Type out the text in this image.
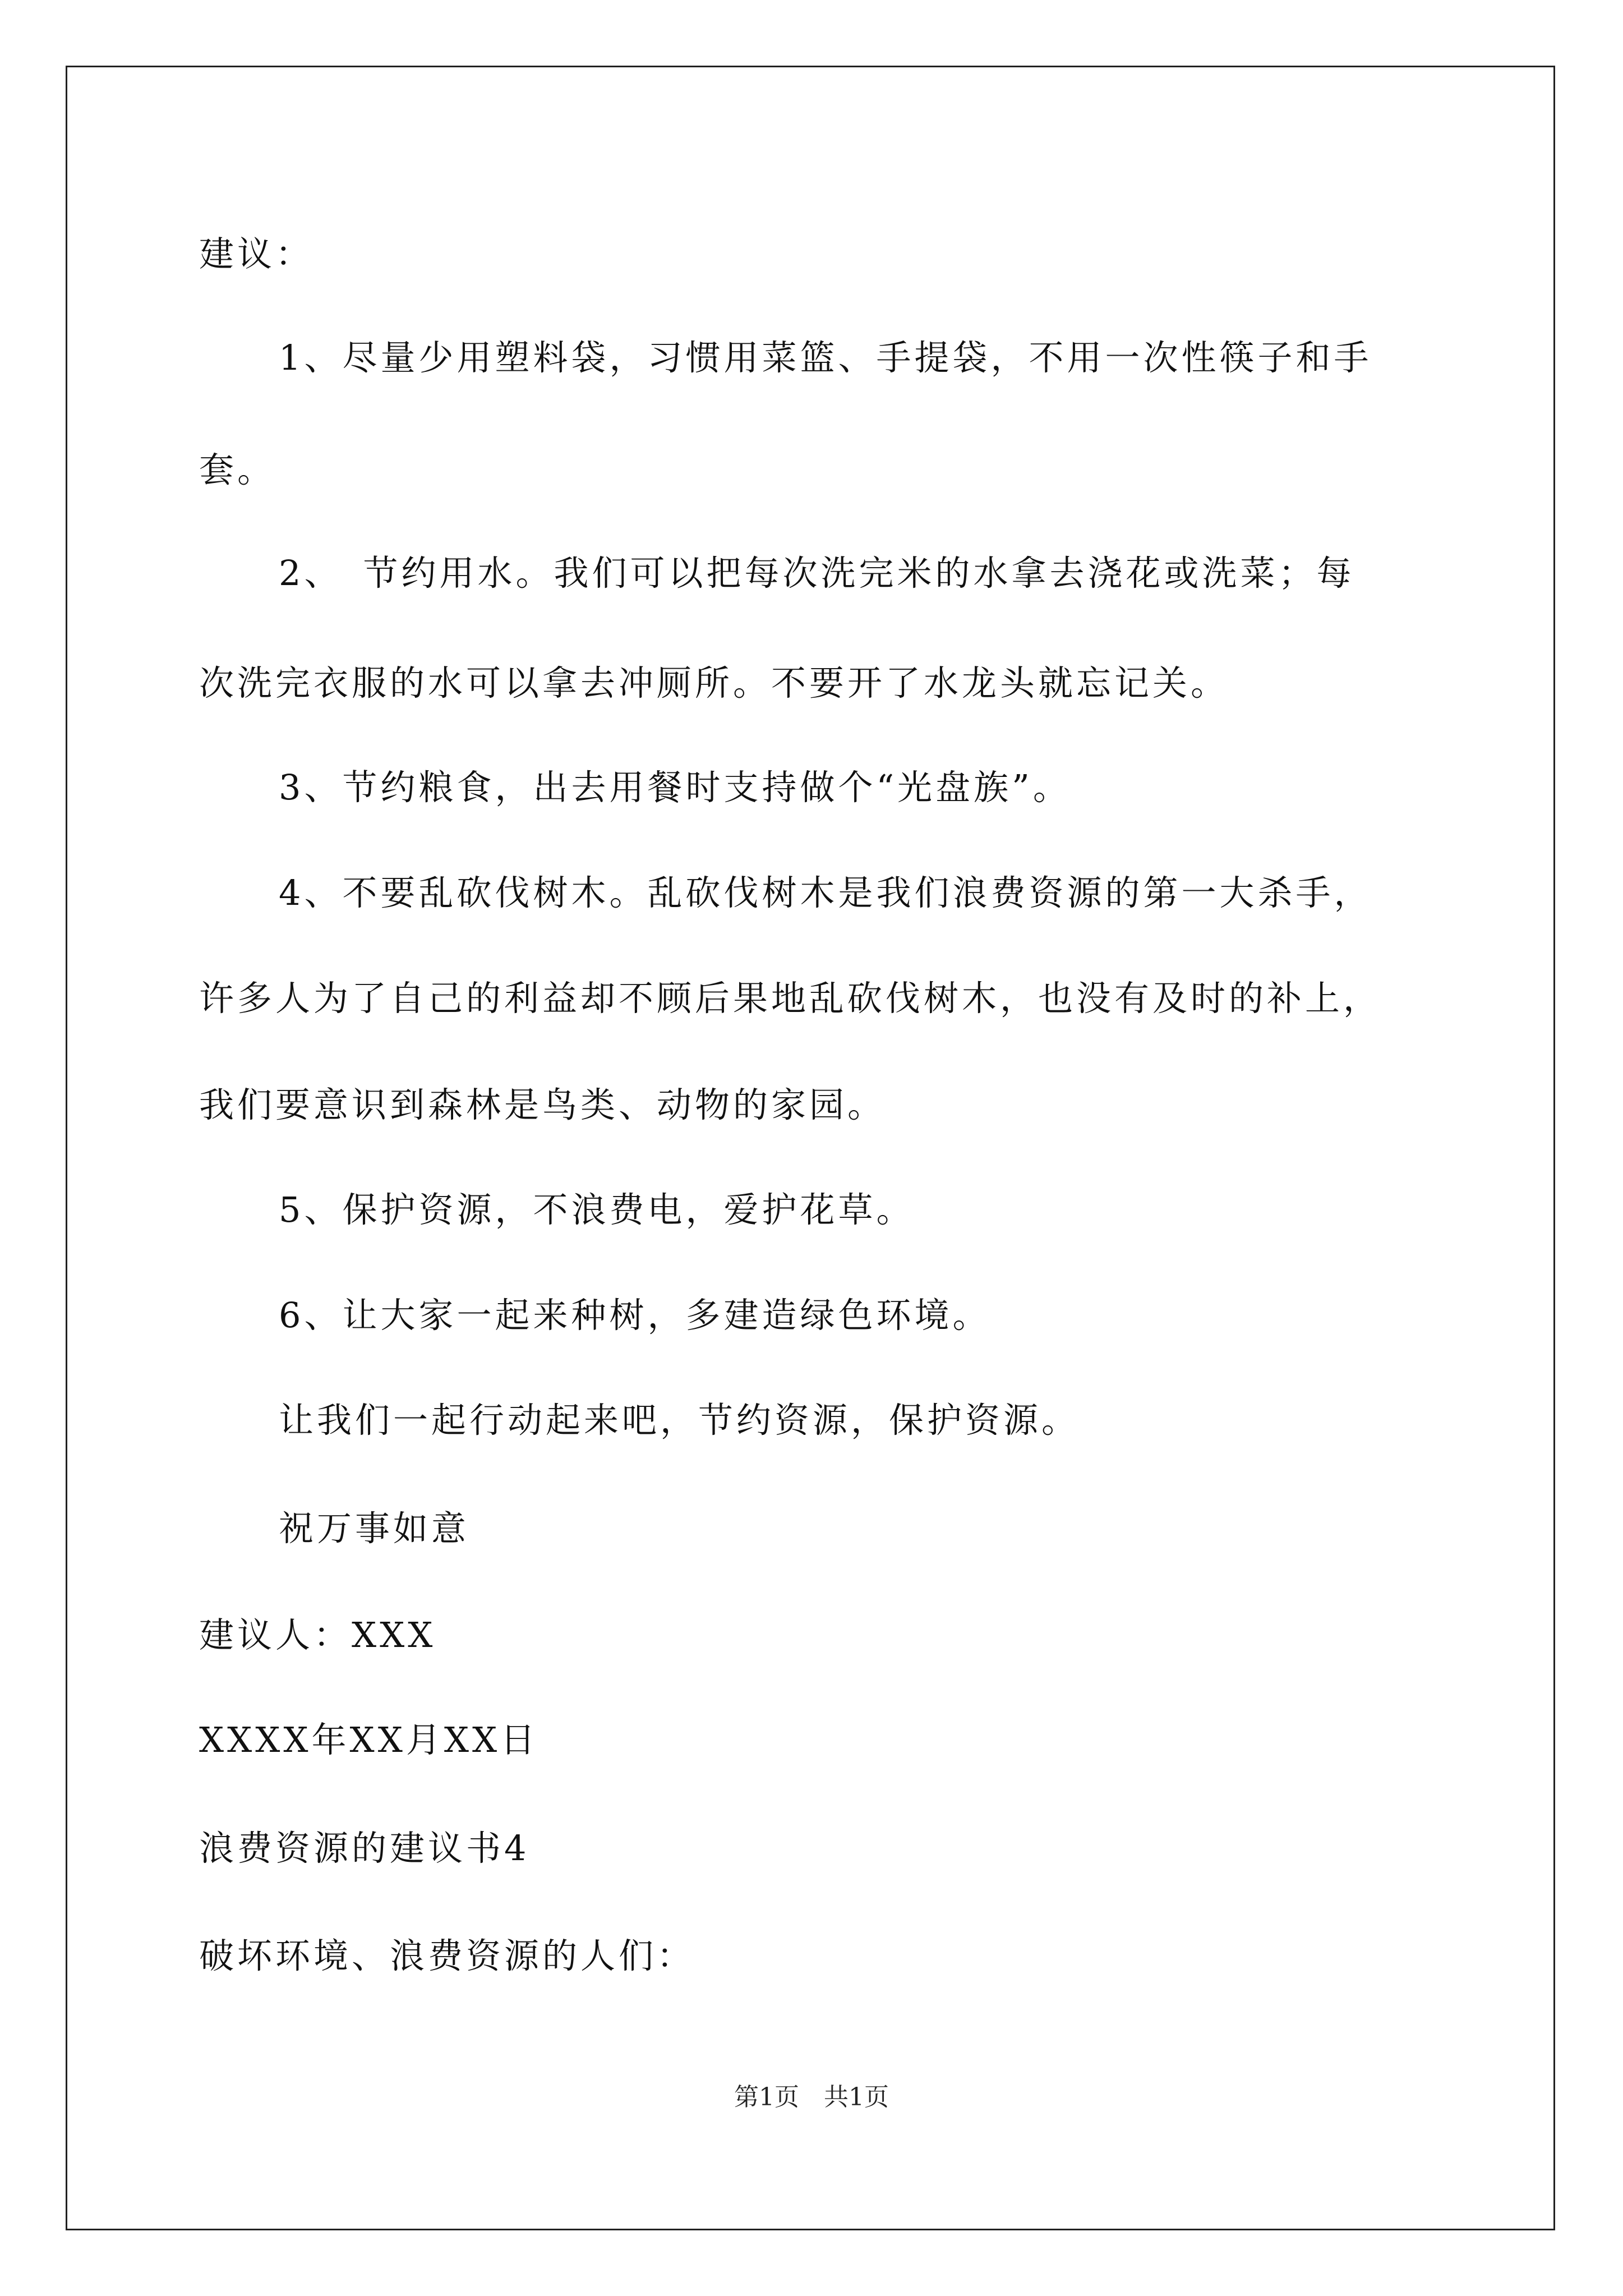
建议：
1、尽量少用塑料袋，习惯用菜篮、手提袋，不用一次性筷子和手
套。
2、　节约用水。我们可以把每次洗完米的水拿去浇花或洗菜；每
次洗完衣服的水可以拿去冲厕所。不要开了水龙头就忘记关。
3、节约粮食，出去用餐时支持做个“光盘族”。
4、不要乱砍伐树木。乱砍伐树木是我们浪费资源的第一大杀手，
许多人为了自己的利益却不顾后果地乱砍伐树木，也没有及时的补上，
我们要意识到森林是鸟类、动物的家园。
5、保护资源，不浪费电，爱护花草。
6、让大家一起来种树，多建造绿色环境。
让我们一起行动起来吧，节约资源，保护资源。
祝万事如意
建议人：XXX
XXXX年XX月XX日
浪费资源的建议书4
破坏环境、浪费资源的人们：
第1页　共1页
